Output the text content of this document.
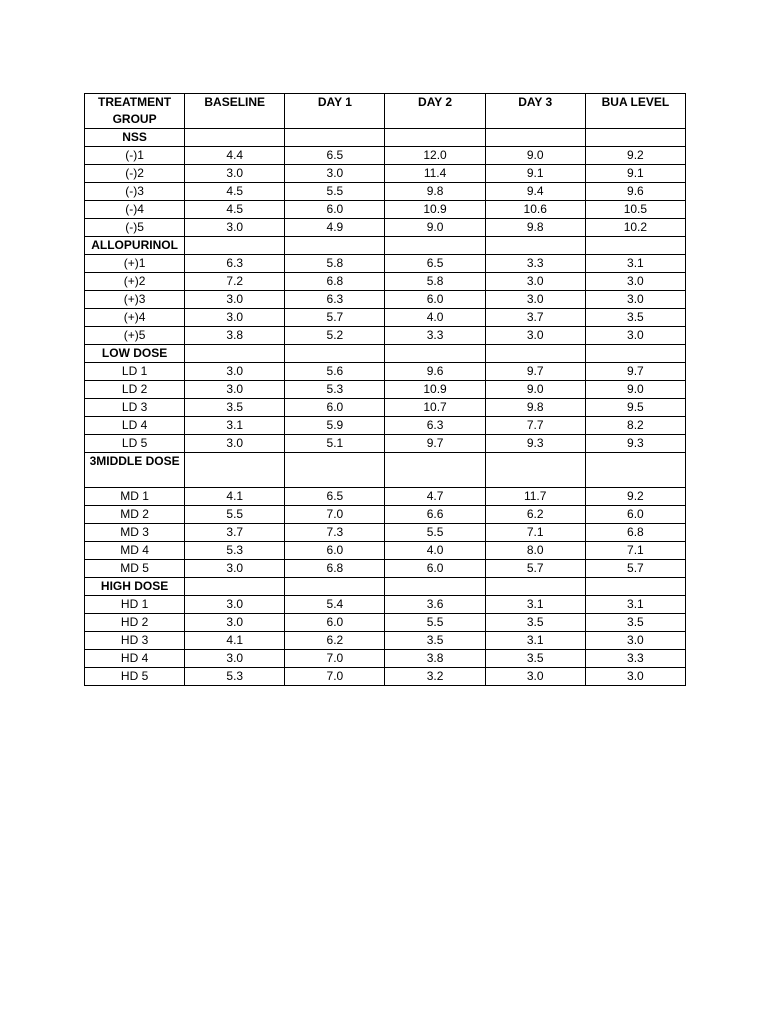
TREATMENT GROUP	BASELINE	DAY 1	DAY 2	DAY 3	BUA LEVEL
NSS					
(-)1	4.4	6.5	12.0	9.0	9.2
(-)2	3.0	3.0	11.4	9.1	9.1
(-)3	4.5	5.5	9.8	9.4	9.6
(-)4	4.5	6.0	10.9	10.6	10.5
(-)5	3.0	4.9	9.0	9.8	10.2
ALLOPURINOL					
(+)1	6.3	5.8	6.5	3.3	3.1
(+)2	7.2	6.8	5.8	3.0	3.0
(+)3	3.0	6.3	6.0	3.0	3.0
(+)4	3.0	5.7	4.0	3.7	3.5
(+)5	3.8	5.2	3.3	3.0	3.0
LOW DOSE					
LD 1	3.0	5.6	9.6	9.7	9.7
LD 2	3.0	5.3	10.9	9.0	9.0
LD 3	3.5	6.0	10.7	9.8	9.5
LD 4	3.1	5.9	6.3	7.7	8.2
LD 5	3.0	5.1	9.7	9.3	9.3
3MIDDLE DOSE					
MD 1	4.1	6.5	4.7	11.7	9.2
MD 2	5.5	7.0	6.6	6.2	6.0
MD 3	3.7	7.3	5.5	7.1	6.8
MD 4	5.3	6.0	4.0	8.0	7.1
MD 5	3.0	6.8	6.0	5.7	5.7
HIGH DOSE					
HD 1	3.0	5.4	3.6	3.1	3.1
HD 2	3.0	6.0	5.5	3.5	3.5
HD 3	4.1	6.2	3.5	3.1	3.0
HD 4	3.0	7.0	3.8	3.5	3.3
HD 5	5.3	7.0	3.2	3.0	3.0
